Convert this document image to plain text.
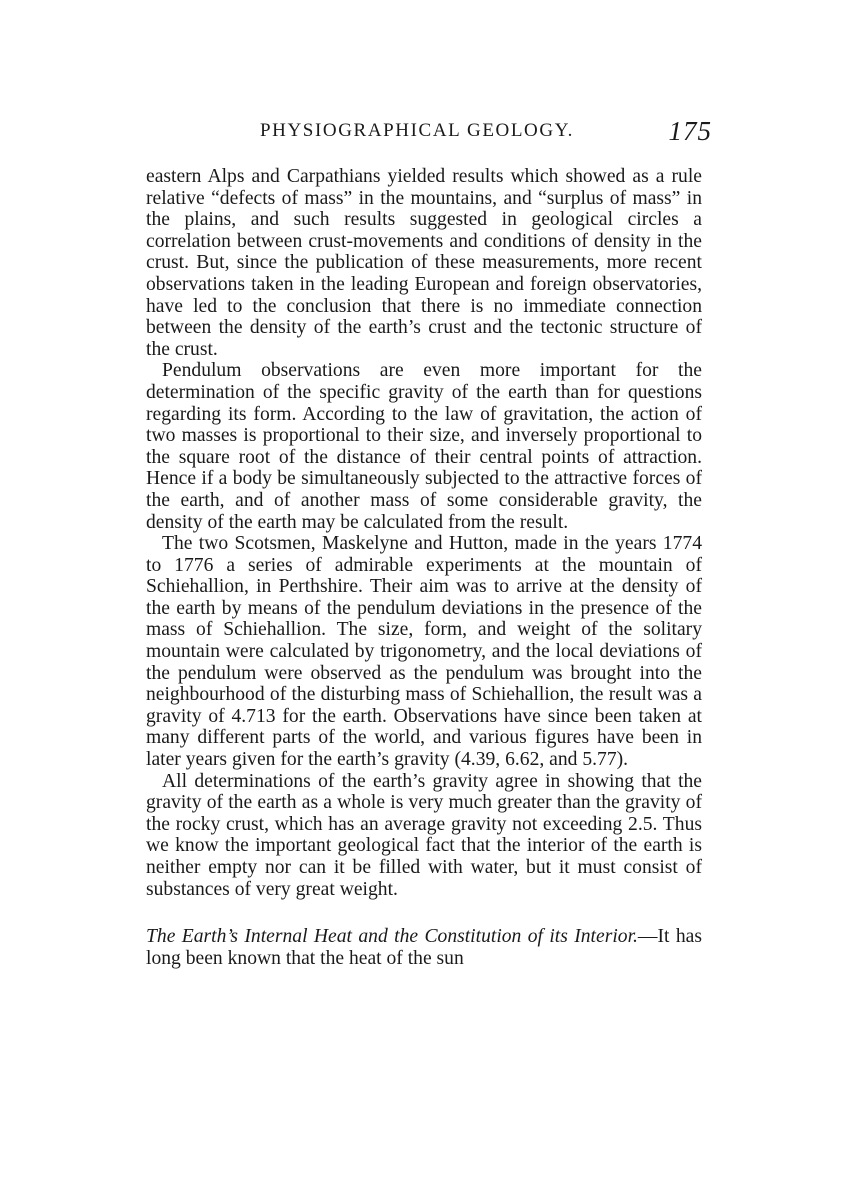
PHYSIOGRAPHICAL GEOLOGY.	175

eastern Alps and Carpathians yielded results which showed as a rule relative “defects of mass” in the mountains, and “surplus of mass” in the plains, and such results suggested in geological circles a correlation between crust-movements and conditions of density in the crust. But, since the publication of these measurements, more recent observations taken in the leading European and foreign observatories, have led to the conclusion that there is no immediate connection between the density of the earth’s crust and the tectonic structure of the crust.

Pendulum observations are even more important for the determination of the specific gravity of the earth than for questions regarding its form. According to the law of gravitation, the action of two masses is proportional to their size, and inversely proportional to the square root of the distance of their central points of attraction. Hence if a body be simultaneously subjected to the attractive forces of the earth, and of another mass of some considerable gravity, the density of the earth may be calculated from the result.

The two Scotsmen, Maskelyne and Hutton, made in the years 1774 to 1776 a series of admirable experiments at the mountain of Schiehallion, in Perthshire. Their aim was to arrive at the density of the earth by means of the pendulum deviations in the presence of the mass of Schiehallion. The size, form, and weight of the solitary mountain were calculated by trigonometry, and the local deviations of the pendulum were observed as the pendulum was brought into the neighbourhood of the disturbing mass of Schiehallion, the result was a gravity of 4.713 for the earth. Observations have since been taken at many different parts of the world, and various figures have been in later years given for the earth’s gravity (4.39, 6.62, and 5.77).

All determinations of the earth’s gravity agree in showing that the gravity of the earth as a whole is very much greater than the gravity of the rocky crust, which has an average gravity not exceeding 2.5. Thus we know the important geological fact that the interior of the earth is neither empty nor can it be filled with water, but it must consist of substances of very great weight.

The Earth’s Internal Heat and the Constitution of its Interior.—It has long been known that the heat of the sun
